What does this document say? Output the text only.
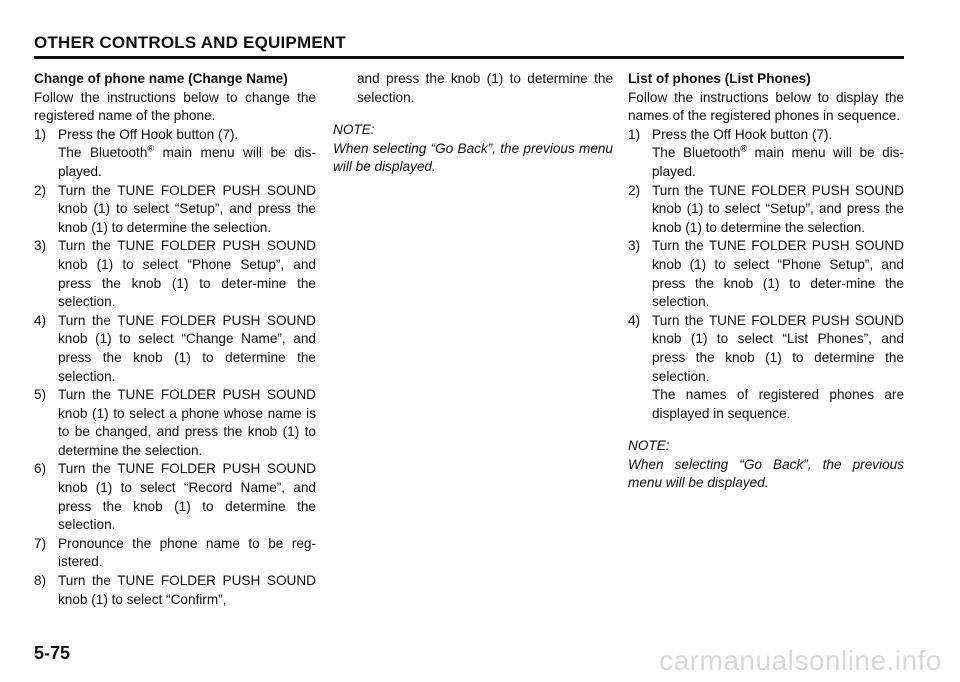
OTHER CONTROLS AND EQUIPMENT

Change of phone name (Change Name)

Follow the instructions below to change the registered name of the phone.

1) Press the Off Hook button (7).

The Bluetooth® main menu will be dis-played.

2) Turn the TUNE FOLDER PUSH SOUND knob (1) to select “Setup”, and press the knob (1) to determine the selection.

3) Turn the TUNE FOLDER PUSH SOUND knob (1) to select “Phone Setup”, and press the knob (1) to deter-mine the selection.

4) Turn the TUNE FOLDER PUSH SOUND knob (1) to select “Change Name”, and press the knob (1) to determine the selection.

5) Turn the TUNE FOLDER PUSH SOUND knob (1) to select a phone whose name is to be changed, and press the knob (1) to determine the selection.

6) Turn the TUNE FOLDER PUSH SOUND knob (1) to select “Record Name”, and press the knob (1) to determine the selection.

7) Pronounce the phone name to be reg-istered.

8) Turn the TUNE FOLDER PUSH SOUND knob (1) to select “Confirm”,

and press the knob (1) to determine the selection.

NOTE:

When selecting “Go Back”, the previous menu will be displayed.

List of phones (List Phones)

Follow the instructions below to display the names of the registered phones in sequence.

1) Press the Off Hook button (7).

The Bluetooth® main menu will be dis-played.

2) Turn the TUNE FOLDER PUSH SOUND knob (1) to select “Setup”, and press the knob (1) to determine the selection.

3) Turn the TUNE FOLDER PUSH SOUND knob (1) to select “Phone Setup”, and press the knob (1) to deter-mine the selection.

4) Turn the TUNE FOLDER PUSH SOUND knob (1) to select “List Phones”, and press the knob (1) to determine the selection.

The names of registered phones are displayed in sequence.

NOTE:

When selecting “Go Back”, the previous menu will be displayed.

5-75	carmanualsonline.info
